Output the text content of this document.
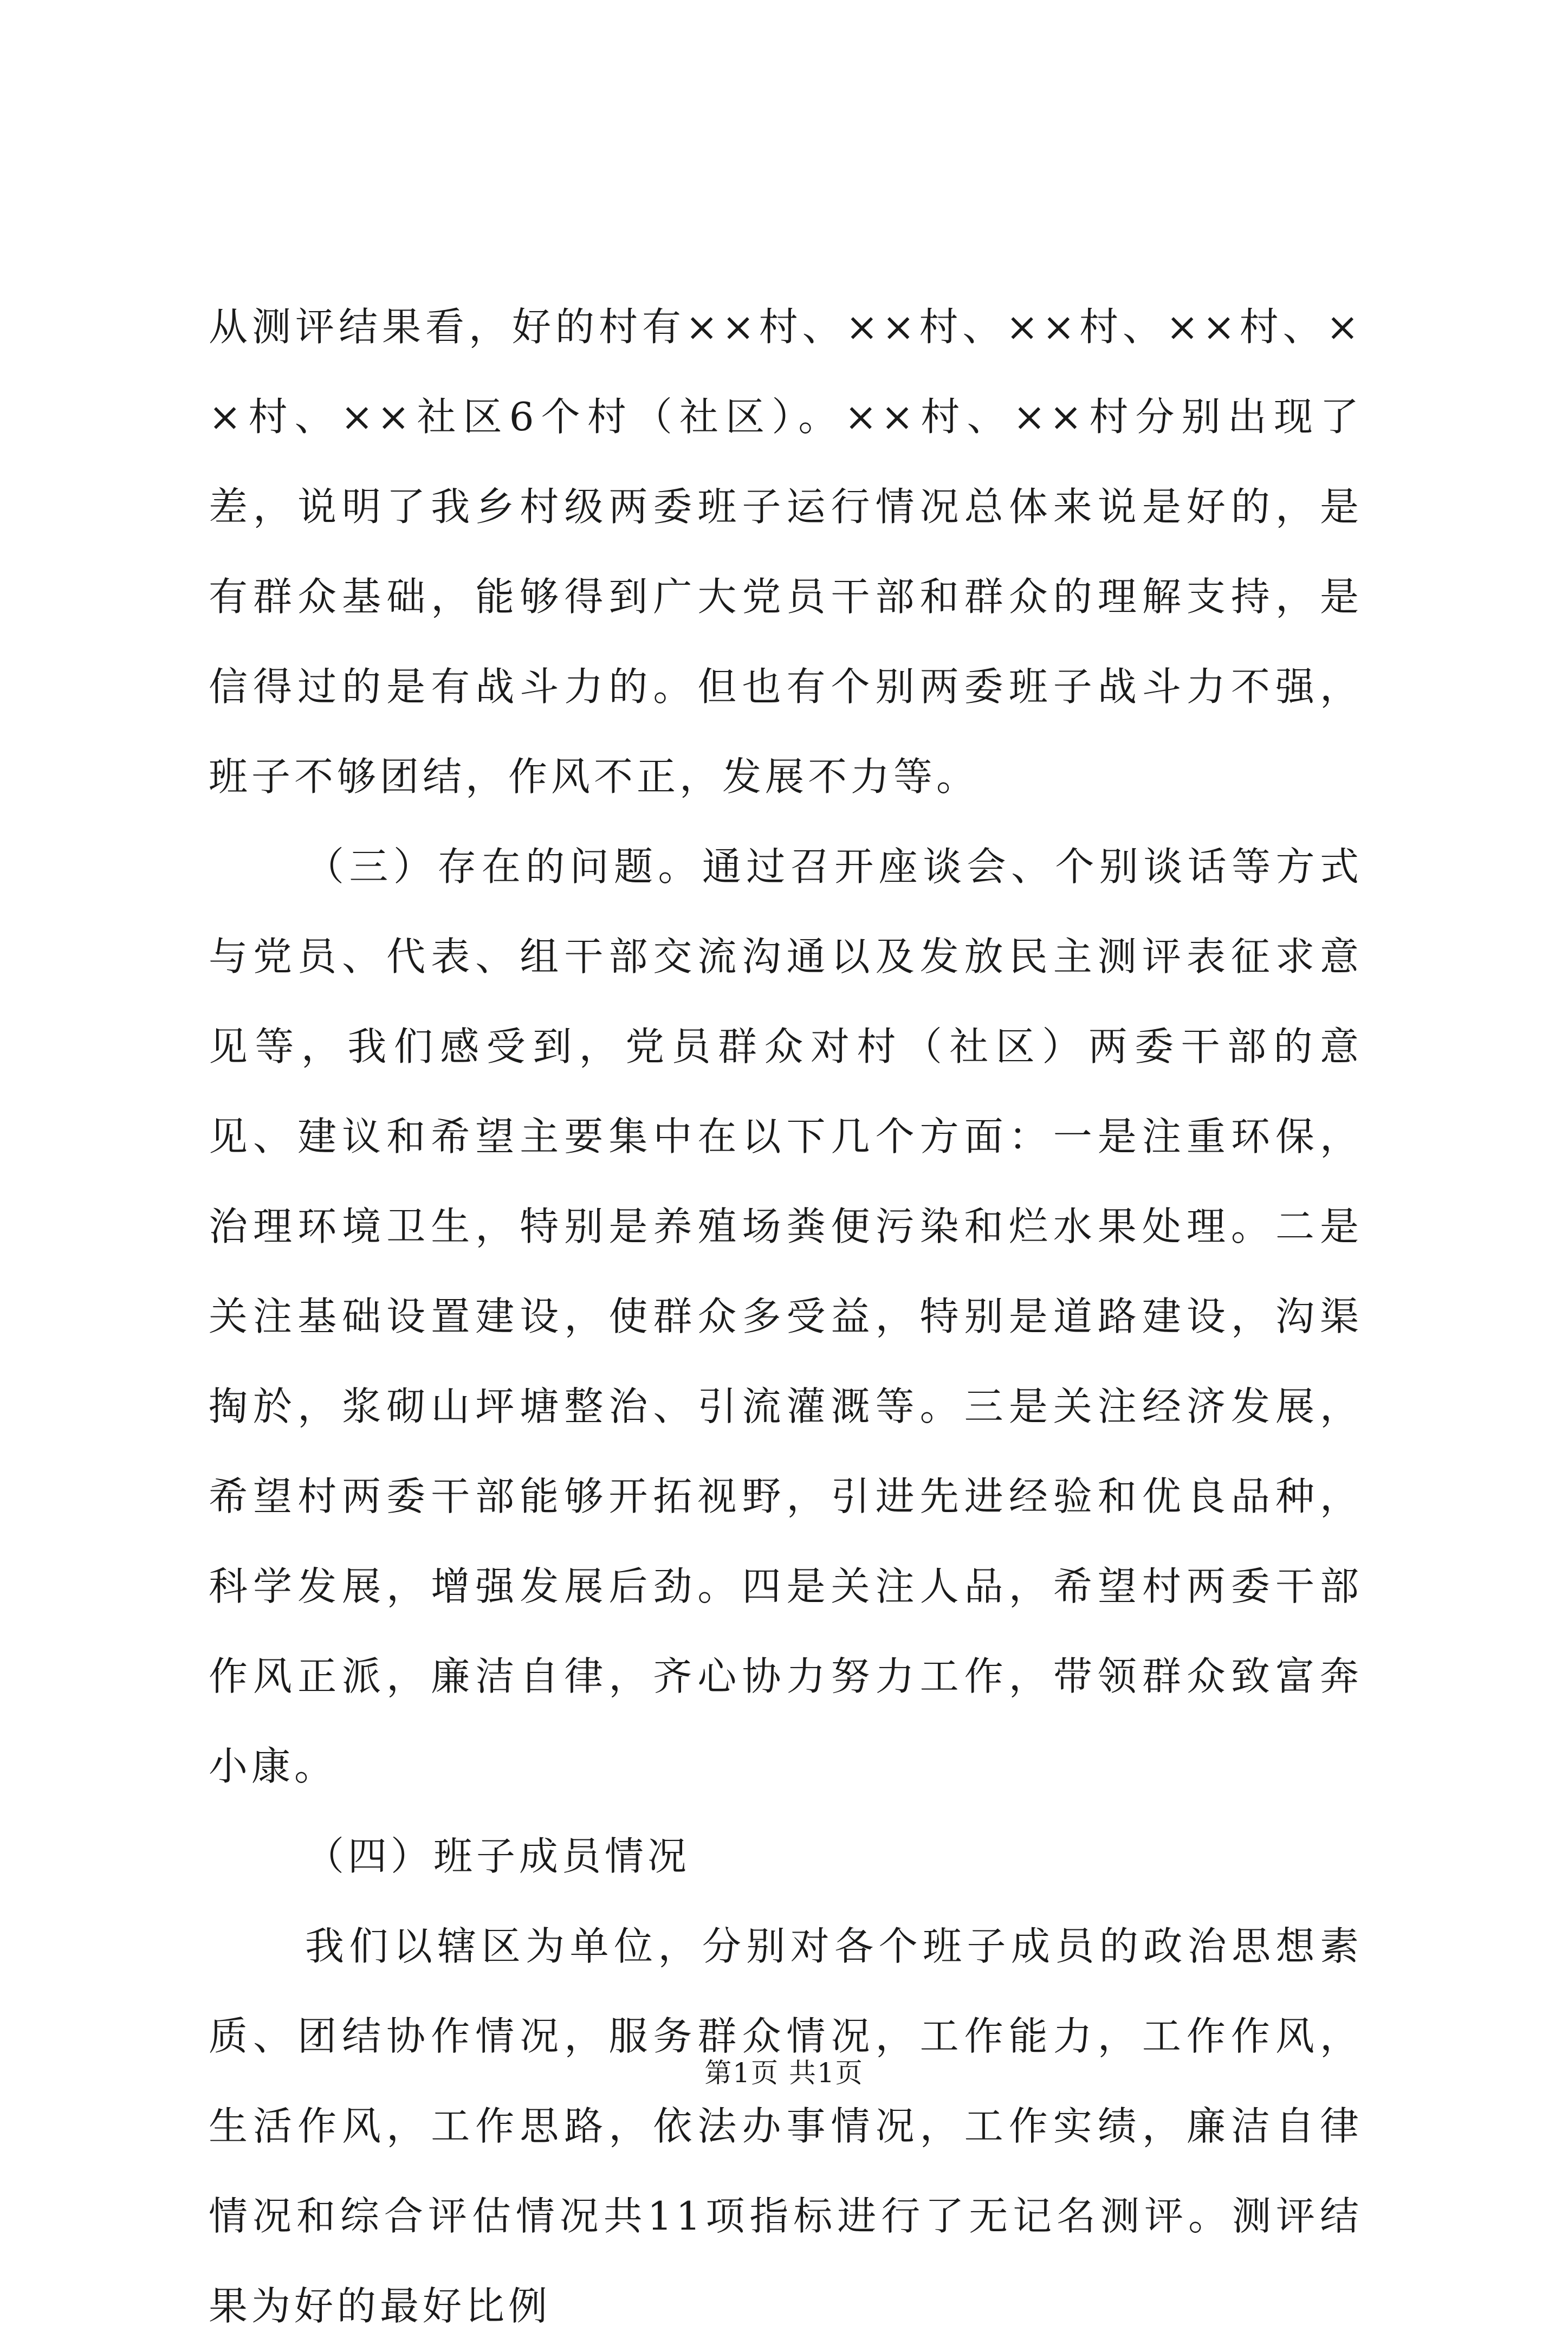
从测评结果看，好的村有××村、××村、××村、××村、××村、××社区6个村（社区）。××村、××村分别出现了差，说明了我乡村级两委班子运行情况总体来说是好的，是有群众基础，能够得到广大党员干部和群众的理解支持，是信得过的是有战斗力的。但也有个别两委班子战斗力不强，班子不够团结，作风不正，发展不力等。

（三）存在的问题。通过召开座谈会、个别谈话等方式与党员、代表、组干部交流沟通以及发放民主测评表征求意见等，我们感受到，党员群众对村（社区）两委干部的意见、建议和希望主要集中在以下几个方面：一是注重环保，治理环境卫生，特别是养殖场粪便污染和烂水果处理。二是关注基础设置建设，使群众多受益，特别是道路建设，沟渠掏於，浆砌山坪塘整治、引流灌溉等。三是关注经济发展，希望村两委干部能够开拓视野，引进先进经验和优良品种，科学发展，增强发展后劲。四是关注人品，希望村两委干部作风正派，廉洁自律，齐心协力努力工作，带领群众致富奔小康。

（四）班子成员情况

我们以辖区为单位，分别对各个班子成员的政治思想素质、团结协作情况，服务群众情况，工作能力，工作作风，生活作风，工作思路，依法办事情况，工作实绩，廉洁自律情况和综合评估情况共11项指标进行了无记名测评。测评结果为好的最好比例

第1页 共1页
